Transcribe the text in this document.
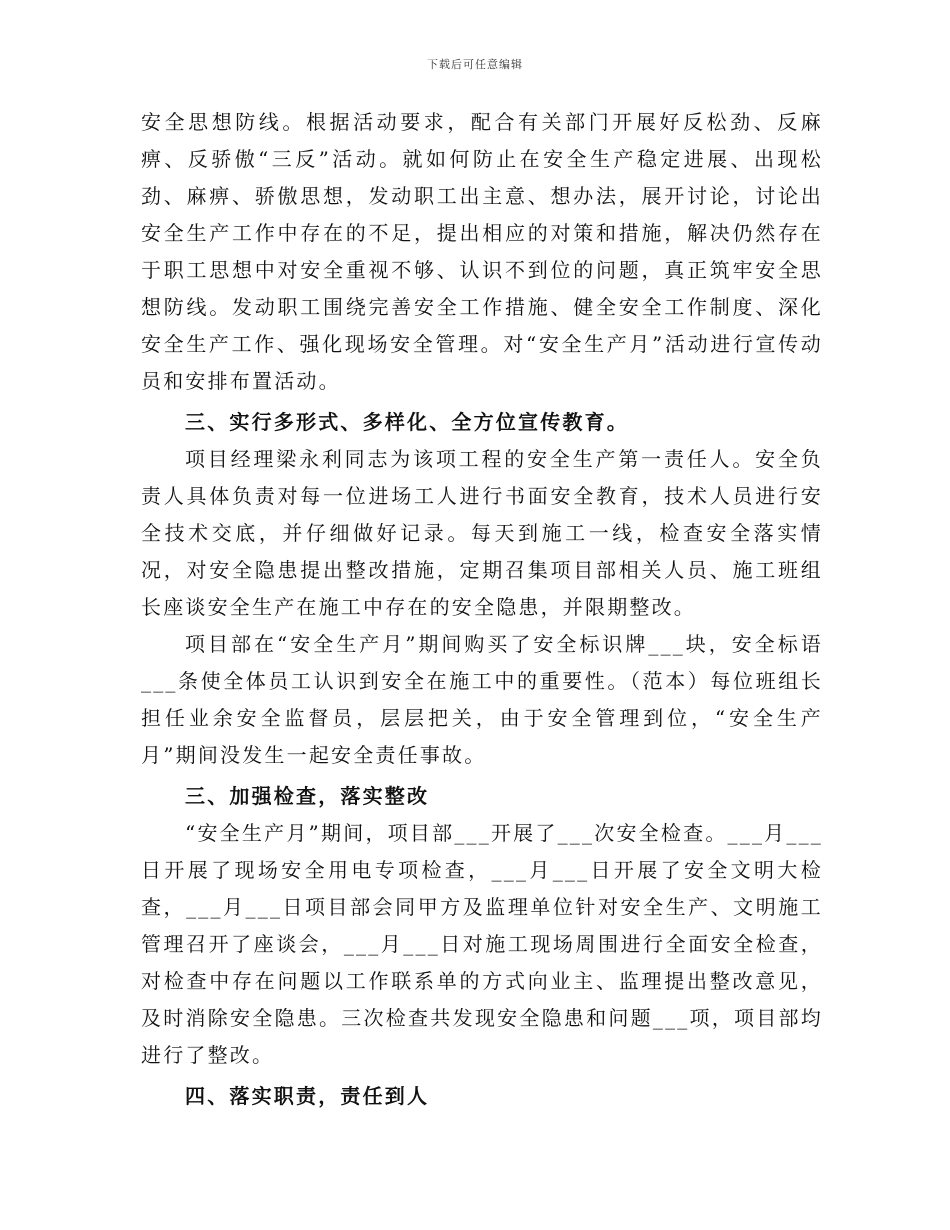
下载后可任意编辑

安全思想防线。根据活动要求，配合有关部门开展好反松劲、反麻痹、反骄傲“三反”活动。就如何防止在安全生产稳定进展、出现松劲、麻痹、骄傲思想，发动职工出主意、想办法，展开讨论，讨论出安全生产工作中存在的不足，提出相应的对策和措施，解决仍然存在于职工思想中对安全重视不够、认识不到位的问题，真正筑牢安全思想防线。发动职工围绕完善安全工作措施、健全安全工作制度、深化安全生产工作、强化现场安全管理。对“安全生产月”活动进行宣传动员和安排布置活动。

三、实行多形式、多样化、全方位宣传教育。

项目经理梁永利同志为该项工程的安全生产第一责任人。安全负责人具体负责对每一位进场工人进行书面安全教育，技术人员进行安全技术交底，并仔细做好记录。每天到施工一线，检查安全落实情况，对安全隐患提出整改措施，定期召集项目部相关人员、施工班组长座谈安全生产在施工中存在的安全隐患，并限期整改。

项目部在“安全生产月”期间购买了安全标识牌___块，安全标语___条使全体员工认识到安全在施工中的重要性。（范本）每位班组长担任业余安全监督员，层层把关，由于安全管理到位，“安全生产月”期间没发生一起安全责任事故。

三、加强检查，落实整改

“安全生产月”期间，项目部___开展了___次安全检查。___月___日开展了现场安全用电专项检查，___月___日开展了安全文明大检查，___月___日项目部会同甲方及监理单位针对安全生产、文明施工管理召开了座谈会，___月___日对施工现场周围进行全面安全检查，对检查中存在问题以工作联系单的方式向业主、监理提出整改意见，及时消除安全隐患。三次检查共发现安全隐患和问题___项，项目部均进行了整改。

四、落实职责，责任到人
